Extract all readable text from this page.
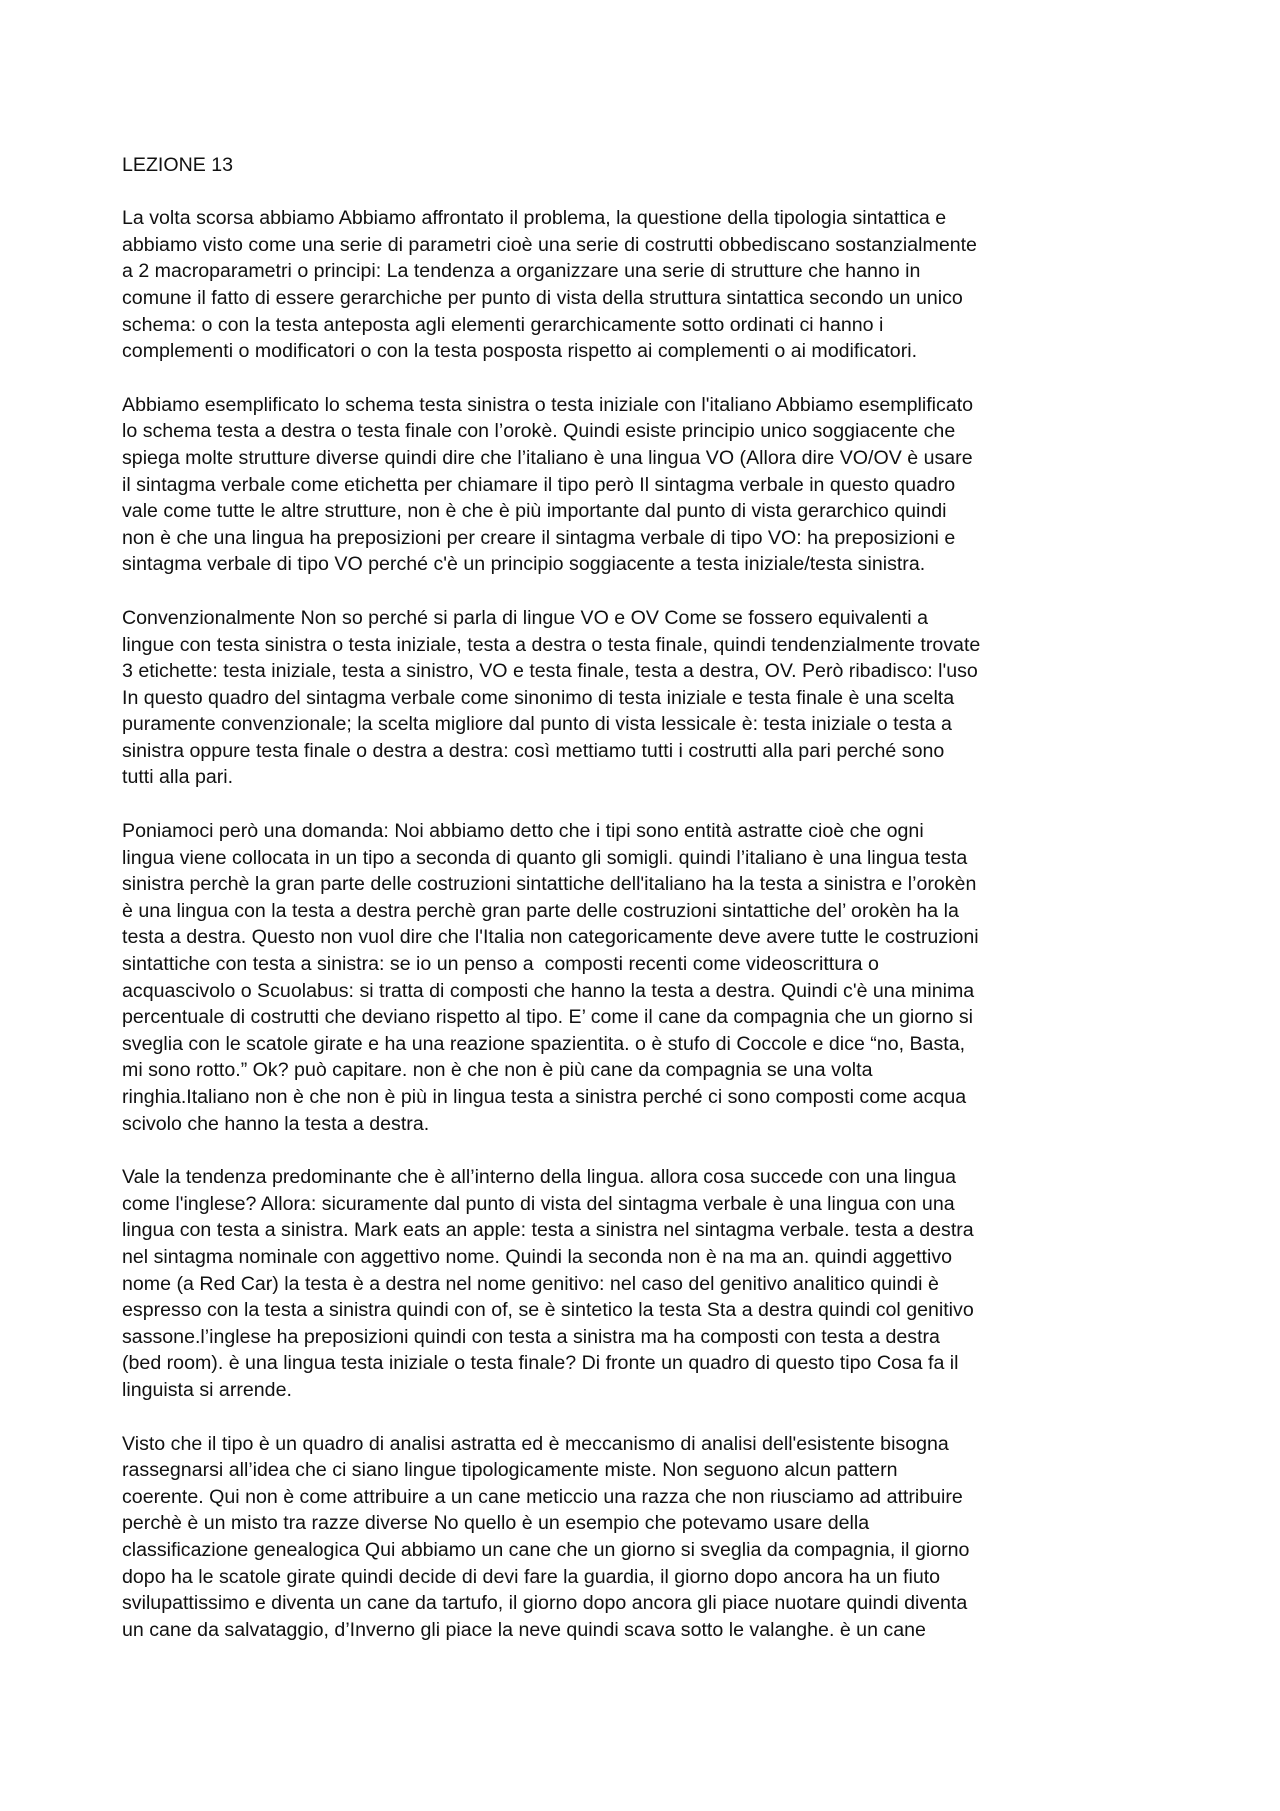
LEZIONE 13
La volta scorsa abbiamo Abbiamo affrontato il problema, la questione della tipologia sintattica e
abbiamo visto come una serie di parametri cioè una serie di costrutti obbediscano sostanzialmente
a 2 macroparametri o principi: La tendenza a organizzare una serie di strutture che hanno in
comune il fatto di essere gerarchiche per punto di vista della struttura sintattica secondo un unico
schema: o con la testa anteposta agli elementi gerarchicamente sotto ordinati ci hanno i
complementi o modificatori o con la testa posposta rispetto ai complementi o ai modificatori.
Abbiamo esemplificato lo schema testa sinistra o testa iniziale con l'italiano Abbiamo esemplificato
lo schema testa a destra o testa finale con l’orokè. Quindi esiste principio unico soggiacente che
spiega molte strutture diverse quindi dire che l’italiano è una lingua VO (Allora dire VO/OV è usare
il sintagma verbale come etichetta per chiamare il tipo però Il sintagma verbale in questo quadro
vale come tutte le altre strutture, non è che è più importante dal punto di vista gerarchico quindi
non è che una lingua ha preposizioni per creare il sintagma verbale di tipo VO: ha preposizioni e
sintagma verbale di tipo VO perché c'è un principio soggiacente a testa iniziale/testa sinistra.
Convenzionalmente Non so perché si parla di lingue VO e OV Come se fossero equivalenti a
lingue con testa sinistra o testa iniziale, testa a destra o testa finale, quindi tendenzialmente trovate
3 etichette: testa iniziale, testa a sinistro, VO e testa finale, testa a destra, OV. Però ribadisco: l'uso
In questo quadro del sintagma verbale come sinonimo di testa iniziale e testa finale è una scelta
puramente convenzionale; la scelta migliore dal punto di vista lessicale è: testa iniziale o testa a
sinistra oppure testa finale o destra a destra: così mettiamo tutti i costrutti alla pari perché sono
tutti alla pari.
Poniamoci però una domanda: Noi abbiamo detto che i tipi sono entità astratte cioè che ogni
lingua viene collocata in un tipo a seconda di quanto gli somigli. quindi l’italiano è una lingua testa
sinistra perchè la gran parte delle costruzioni sintattiche dell'italiano ha la testa a sinistra e l’orokèn
è una lingua con la testa a destra perchè gran parte delle costruzioni sintattiche del’ orokèn ha la
testa a destra. Questo non vuol dire che l'Italia non categoricamente deve avere tutte le costruzioni
sintattiche con testa a sinistra: se io un penso a  composti recenti come videoscrittura o
acquascivolo o Scuolabus: si tratta di composti che hanno la testa a destra. Quindi c'è una minima
percentuale di costrutti che deviano rispetto al tipo. E’ come il cane da compagnia che un giorno si
sveglia con le scatole girate e ha una reazione spazientita. o è stufo di Coccole e dice “no, Basta,
mi sono rotto.” Ok? può capitare. non è che non è più cane da compagnia se una volta
ringhia.Italiano non è che non è più in lingua testa a sinistra perché ci sono composti come acqua
scivolo che hanno la testa a destra.
Vale la tendenza predominante che è all’interno della lingua. allora cosa succede con una lingua
come l'inglese? Allora: sicuramente dal punto di vista del sintagma verbale è una lingua con una
lingua con testa a sinistra. Mark eats an apple: testa a sinistra nel sintagma verbale. testa a destra
nel sintagma nominale con aggettivo nome. Quindi la seconda non è na ma an. quindi aggettivo
nome (a Red Car) la testa è a destra nel nome genitivo: nel caso del genitivo analitico quindi è
espresso con la testa a sinistra quindi con of, se è sintetico la testa Sta a destra quindi col genitivo
sassone.l’inglese ha preposizioni quindi con testa a sinistra ma ha composti con testa a destra
(bed room). è una lingua testa iniziale o testa finale? Di fronte un quadro di questo tipo Cosa fa il
linguista si arrende.
Visto che il tipo è un quadro di analisi astratta ed è meccanismo di analisi dell'esistente bisogna
rassegnarsi all’idea che ci siano lingue tipologicamente miste. Non seguono alcun pattern
coerente. Qui non è come attribuire a un cane meticcio una razza che non riusciamo ad attribuire
perchè è un misto tra razze diverse No quello è un esempio che potevamo usare della
classificazione genealogica Qui abbiamo un cane che un giorno si sveglia da compagnia, il giorno
dopo ha le scatole girate quindi decide di devi fare la guardia, il giorno dopo ancora ha un fiuto
svilupattissimo e diventa un cane da tartufo, il giorno dopo ancora gli piace nuotare quindi diventa
un cane da salvataggio, d’Inverno gli piace la neve quindi scava sotto le valanghe. è un cane
